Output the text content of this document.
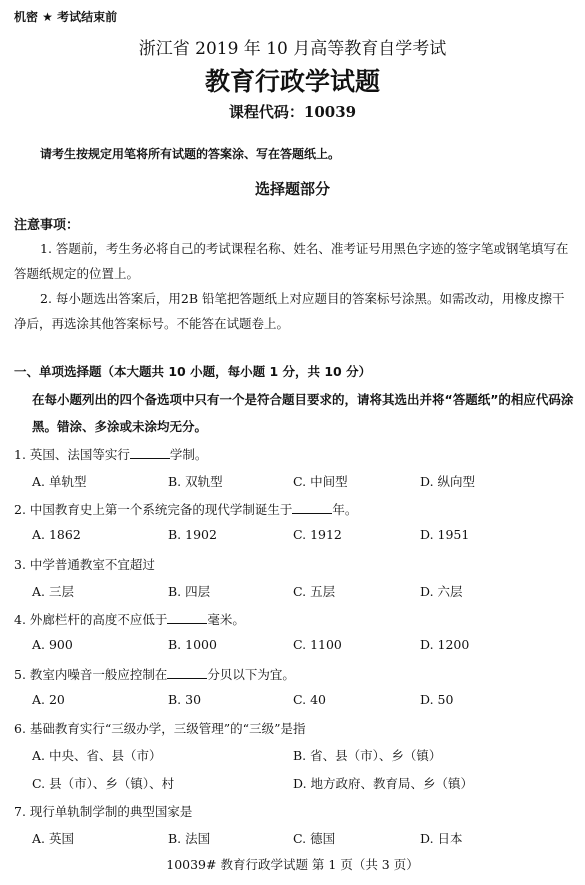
机密 ★ 考试结束前
浙江省 2019 年 10 月高等教育自学考试
教育行政学试题
课程代码：10039
请考生按规定用笔将所有试题的答案涂、写在答题纸上。
选择题部分
注意事项：
1. 答题前，考生务必将自己的考试课程名称、姓名、准考证号用黑色字迹的签字笔或钢笔填写在答题纸规定的位置上。
2. 每小题选出答案后，用2B 铅笔把答题纸上对应题目的答案标号涂黑。如需改动，用橡皮擦干净后，再选涂其他答案标号。不能答在试题卷上。
一、单项选择题（本大题共 10 小题，每小题 1 分，共 10 分）
在每小题列出的四个备选项中只有一个是符合题目要求的，请将其选出并将“答题纸”的相应代码涂黑。错涂、多涂或未涂均无分。
1. 英国、法国等实行	学制。
A. 单轨型	B. 双轨型	C. 中间型	D. 纵向型
2. 中国教育史上第一个系统完备的现代学制诞生于	年。
A. 1862	B. 1902	C. 1912	D. 1951
3. 中学普通教室不宜超过
A. 三层	B. 四层	C. 五层	D. 六层
4. 外廊栏杆的高度不应低于	毫米。
A. 900	B. 1000	C. 1100	D. 1200
5. 教室内噪音一般应控制在	分贝以下为宜。
A. 20	B. 30	C. 40	D. 50
6. 基础教育实行“三级办学，三级管理”的“三级”是指
A. 中央、省、县（市）	B. 省、县（市）、乡（镇）
C. 县（市）、乡（镇）、村	D. 地方政府、教育局、乡（镇）
7. 现行单轨制学制的典型国家是
A. 英国	B. 法国	C. 德国	D. 日本
10039# 教育行政学试题 第 1 页（共 3 页）
